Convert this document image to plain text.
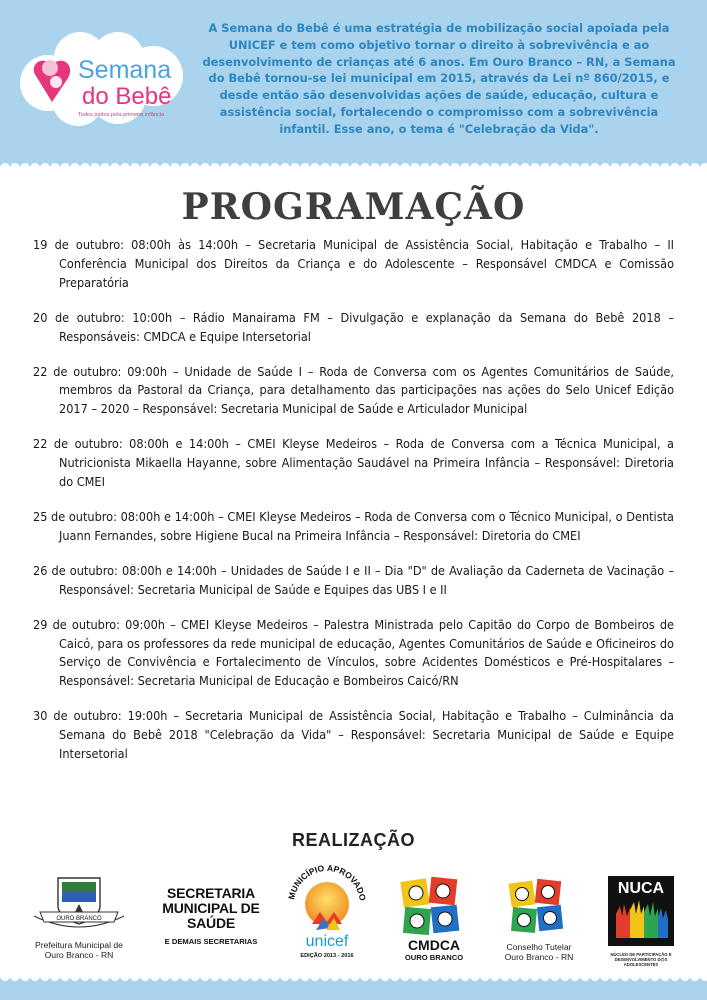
Semana
do Bebê
Todos juntos pela primeira infância
A Semana do Bebê é uma estratégia de mobilização social apoiada pela UNICEF e tem como objetivo tornar o direito à sobrevivência e ao desenvolvimento de crianças até 6 anos. Em Ouro Branco – RN, a Semana do Bebê tornou-se lei municipal em 2015, através da Lei nº 860/2015, e desde então são desenvolvidas ações de saúde, educação, cultura e assistência social, fortalecendo o compromisso com a sobrevivência infantil. Esse ano, o tema é "Celebração da Vida".
PROGRAMAÇÃO

19 de outubro: 08:00h às 14:00h – Secretaria Municipal de Assistência Social, Habitação e Trabalho – II Conferência Municipal dos Direitos da Criança e do Adolescente – Responsável CMDCA e Comissão Preparatória

20 de outubro: 10:00h – Rádio Manairama FM – Divulgação e explanação da Semana do Bebê 2018 – Responsáveis: CMDCA e Equipe Intersetorial

22 de outubro: 09:00h – Unidade de Saúde I – Roda de Conversa com os Agentes Comunitários de Saúde, membros da Pastoral da Criança, para detalhamento das participações nas ações do Selo Unicef Edição 2017 – 2020 – Responsável: Secretaria Municipal de Saúde e Articulador Municipal

22 de outubro: 08:00h e 14:00h – CMEI Kleyse Medeiros – Roda de Conversa com a Técnica Municipal, a Nutricionista Mikaella Hayanne, sobre Alimentação Saudável na Primeira Infância – Responsável: Diretoria do CMEI

25 de outubro: 08:00h e 14:00h – CMEI Kleyse Medeiros – Roda de Conversa com o Técnico Municipal, o Dentista Juann Fernandes, sobre Higiene Bucal na Primeira Infância – Responsável: Diretoria do CMEI

26 de outubro: 08:00h e 14:00h – Unidades de Saúde I e II – Dia "D" de Avaliação da Caderneta de Vacinação – Responsável: Secretaria Municipal de Saúde e Equipes das UBS I e II

29 de outubro: 09:00h – CMEI Kleyse Medeiros – Palestra Ministrada pelo Capitão do Corpo de Bombeiros de Caicó, para os professores da rede municipal de educação, Agentes Comunitários de Saúde e Oficineiros do Serviço de Convivência e Fortalecimento de Vínculos, sobre Acidentes Domésticos e Pré-Hospitalares – Responsável: Secretaria Municipal de Educação e Bombeiros Caicó/RN

30 de outubro: 19:00h – Secretaria Municipal de Assistência Social, Habitação e Trabalho – Culminância da Semana do Bebê 2018 "Celebração da Vida" – Responsável: Secretaria Municipal de Saúde e Equipe Intersetorial

REALIZAÇÃO
OURO BRANCO
Prefeitura Municipal de
Ouro Branco - RN
SECRETARIA
MUNICIPAL DE
SAÚDE
E DEMAIS SECRETARIAS
MUNICÍPIO APROVADO
unicef
EDIÇÃO 2013 - 2016
CMDCA
OURO BRANCO
Conselho Tutelar
Ouro Branco - RN
NUCA
NÚCLEO DE PARTICIPAÇÃO E DESENVOLVIMENTO D@S ADOLESCENTES
